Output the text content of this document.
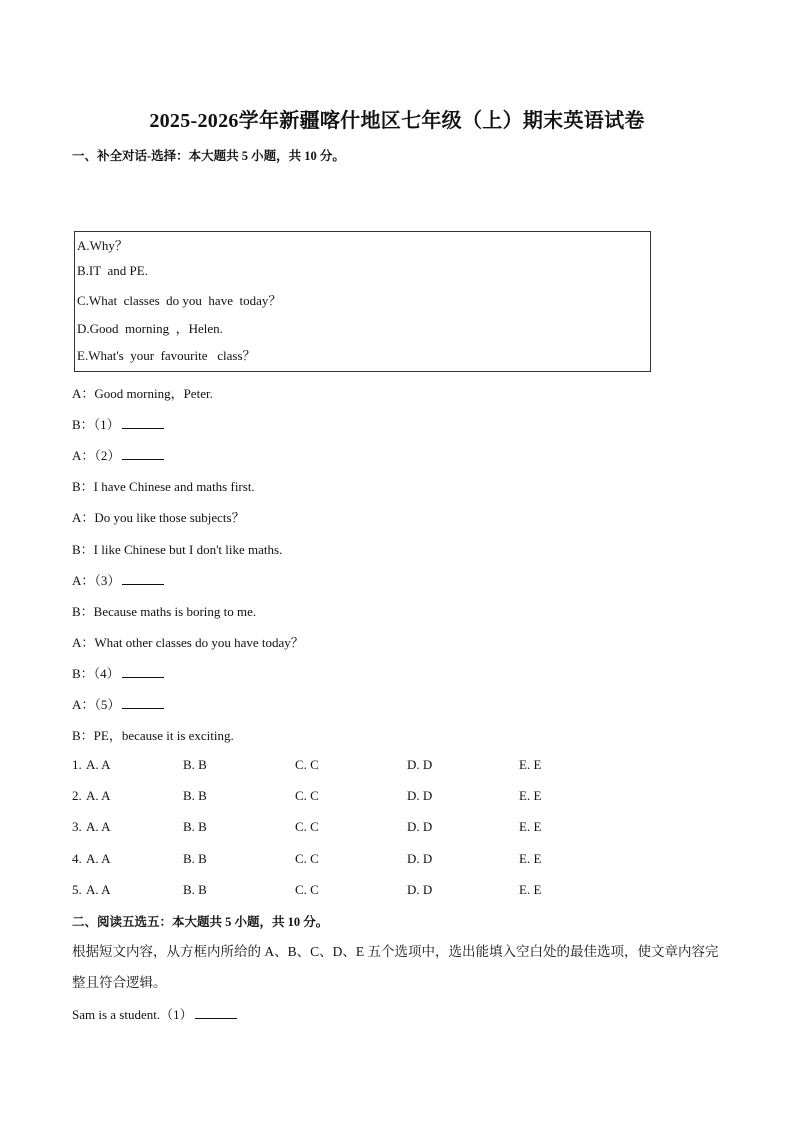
2025-2026学年新疆喀什地区七年级（上）期末英语试卷
一、补全对话-选择：本大题共 5 小题，共 10 分。
A.Why？
B.IT  and PE.
C.What  classes  do you  have  today？
D.Good  morning  ，Helen.
E.What's  your  favourite   class？
A：Good morning，Peter.
B：（1）
A：（2）
B：I have Chinese and maths first.
A：Do you like those subjects？
B：I like Chinese but I don't like maths.
A：（3）
B：Because maths is boring to me.
A：What other classes do you have today？
B：（4）
A：（5）
B：PE，because it is exciting.
1. A. A	B. B	C. C	D. D	E. E
2. A. A	B. B	C. C	D. D	E. E
3. A. A	B. B	C. C	D. D	E. E
4. A. A	B. B	C. C	D. D	E. E
5. A. A	B. B	C. C	D. D	E. E
二、阅读五选五：本大题共 5 小题，共 10 分。
根据短文内容，从方框内所给的 A、B、C、D、E 五个选项中，选出能填入空白处的最佳选项，使文章内容完整且符合逻辑。
Sam is a student.（1）
